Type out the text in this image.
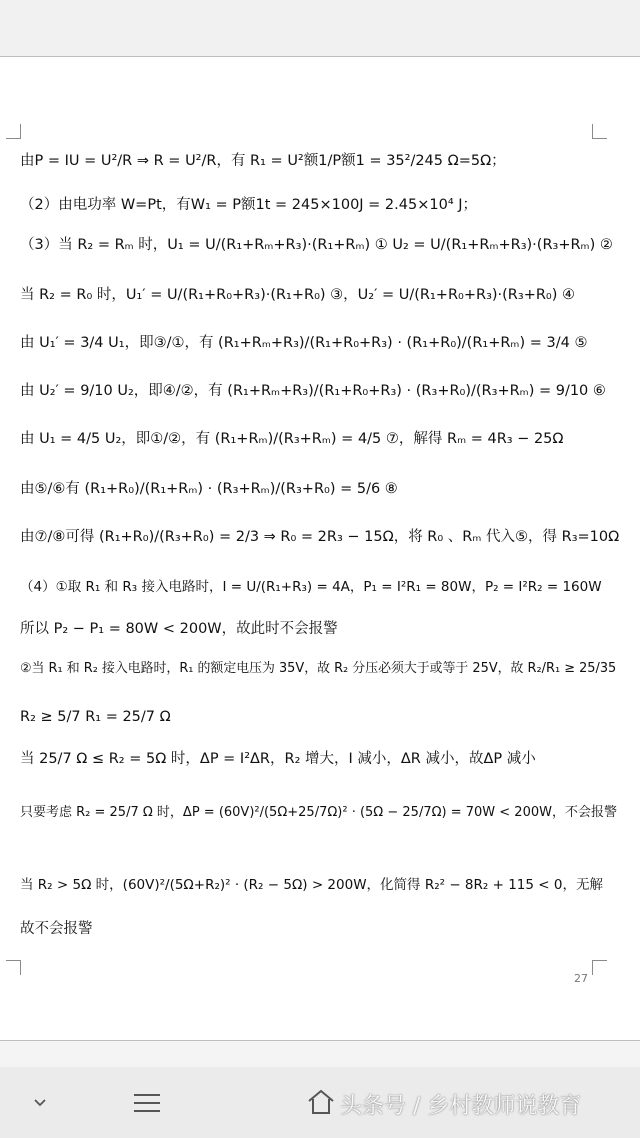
由P = IU = U²/R ⇒ R = U²/R，有 R₁ = U²额1/P额1 = 35²/245 Ω=5Ω；
（2）由电功率 W=Pt，有W₁ = P额1t = 245×100J = 2.45×10⁴ J；
（3）当 R₂ = Rₘ 时，U₁ = U/(R₁+Rₘ+R₃)·(R₁+Rₘ) ① U₂ = U/(R₁+Rₘ+R₃)·(R₃+Rₘ) ②
当 R₂ = R₀ 时，U₁′ = U/(R₁+R₀+R₃)·(R₁+R₀) ③，U₂′ = U/(R₁+R₀+R₃)·(R₃+R₀) ④
由 U₁′ = 3/4 U₁，即③/①，有 (R₁+Rₘ+R₃)/(R₁+R₀+R₃) · (R₁+R₀)/(R₁+Rₘ) = 3/4 ⑤
由 U₂′ = 9/10 U₂，即④/②，有 (R₁+Rₘ+R₃)/(R₁+R₀+R₃) · (R₃+R₀)/(R₃+Rₘ) = 9/10 ⑥
由 U₁ = 4/5 U₂，即①/②，有 (R₁+Rₘ)/(R₃+Rₘ) = 4/5 ⑦，解得 Rₘ = 4R₃ − 25Ω
由⑤/⑥有 (R₁+R₀)/(R₁+Rₘ) · (R₃+Rₘ)/(R₃+R₀) = 5/6 ⑧
由⑦/⑧可得 (R₁+R₀)/(R₃+R₀) = 2/3 ⇒ R₀ = 2R₃ − 15Ω，将 R₀ 、Rₘ 代入⑤，得 R₃=10Ω
（4）①取 R₁ 和 R₃ 接入电路时，I = U/(R₁+R₃) = 4A，P₁ = I²R₁ = 80W，P₂ = I²R₂ = 160W
所以 P₂ − P₁ = 80W < 200W，故此时不会报警
②当 R₁ 和 R₂ 接入电路时，R₁ 的额定电压为 35V，故 R₂ 分压必须大于或等于 25V，故 R₂/R₁ ≥ 25/35
R₂ ≥ 5/7 R₁ = 25/7 Ω
当 25/7 Ω ≤ R₂ = 5Ω 时，ΔP = I²ΔR，R₂ 增大，I 减小，ΔR 减小，故ΔP 减小
只要考虑 R₂ = 25/7 Ω 时，ΔP = (60V)²/(5Ω+25/7Ω)² · (5Ω − 25/7Ω) = 70W < 200W，不会报警
当 R₂ > 5Ω 时，(60V)²/(5Ω+R₂)² · (R₂ − 5Ω) > 200W，化简得 R₂² − 8R₂ + 115 < 0，无解
故不会报警
27
头条号 / 乡村教师说教育
